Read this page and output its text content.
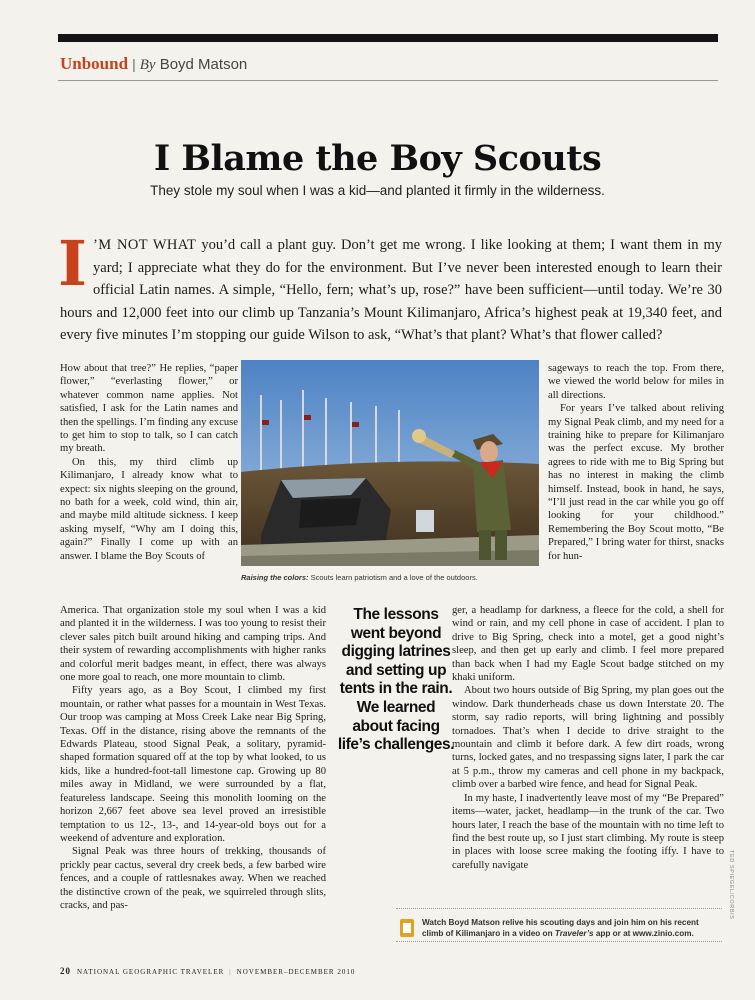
Unbound | By Boyd Matson
I Blame the Boy Scouts
They stole my soul when I was a kid—and planted it firmly in the wilderness.
I ’M NOT WHAT you’d call a plant guy. Don’t get me wrong. I like looking at them; I want them in my yard; I appreciate what they do for the environment. But I’ve never been interested enough to learn their official Latin names. A simple, “Hello, fern; what’s up, rose?” have been sufficient—until today. We’re 30 hours and 12,000 feet into our climb up Tanzania’s Mount Kilimanjaro, Africa’s highest peak at 19,340 feet, and every five minutes I’m stopping our guide Wilson to ask, “What’s that plant? What’s that flower called?

How about that tree?” He replies, “paper flower,” “everlasting flower,” or whatever common name applies. Not satisfied, I ask for the Latin names and then the spellings. I’m finding any excuse to get him to stop to talk, so I can catch my breath.

On this, my third climb up Kilimanjaro, I already know what to expect: six nights sleeping on the ground, no bath for a week, cold wind, thin air, and maybe mild altitude sickness. I keep asking myself, “Why am I doing this, again?” Finally I come up with an answer. I blame the Boy Scouts of

Raising the colors: Scouts learn patriotism and a love of the outdoors.

sageways to reach the top. From there, we viewed the world below for miles in all directions.

For years I’ve talked about reliving my Signal Peak climb, and my need for a training hike to prepare for Kilimanjaro was the perfect excuse. My brother agrees to ride with me to Big Spring but has no interest in making the climb himself. Instead, book in hand, he says, “I’ll just read in the car while you go off looking for your childhood.” Remembering the Boy Scout motto, “Be Prepared,” I bring water for thirst, snacks for hun-

America. That organization stole my soul when I was a kid and planted it in the wilderness. I was too young to resist their clever sales pitch built around hiking and camping trips. And their system of rewarding accomplishments with higher ranks and colorful merit badges meant, in effect, there was always one more goal to reach, one more mountain to climb.

Fifty years ago, as a Boy Scout, I climbed my first mountain, or rather what passes for a mountain in West Texas. Our troop was camping at Moss Creek Lake near Big Spring, Texas. Off in the distance, rising above the remnants of the Edwards Plateau, stood Signal Peak, a solitary, pyramid-shaped formation squared off at the top by what looked, to us kids, like a hundred-foot-tall limestone cap. Growing up 80 miles away in Midland, we were surrounded by a flat, featureless landscape. Seeing this monolith looming on the horizon 2,667 feet above sea level proved an irresistible temptation to us 12-, 13-, and 14-year-old boys out for a weekend of adventure and exploration.

Signal Peak was three hours of trekking, thousands of prickly pear cactus, several dry creek beds, a few barbed wire fences, and a couple of rattlesnakes away. When we reached the distinctive crown of the peak, we squirreled through slits, cracks, and pas-

ger, a headlamp for darkness, a fleece for the cold, a shell for wind or rain, and my cell phone in case of accident. I plan to drive to Big Spring, check into a motel, get a good night’s sleep, and then get up early and climb. I feel more prepared than back when I had my Eagle Scout badge stitched on my khaki uniform.

About two hours outside of Big Spring, my plan goes out the window. Dark thunderheads chase us down Interstate 20. The storm, say radio reports, will bring lightning and possibly tornadoes. That’s when I decide to drive straight to the mountain and climb it before dark. A few dirt roads, wrong turns, locked gates, and no trespassing signs later, I park the car at 5 p.m., throw my cameras and cell phone in my backpack, climb over a barbed wire fence, and head for Signal Peak.

In my haste, I inadvertently leave most of my “Be Prepared” items—water, jacket, headlamp—in the trunk of the car. Two hours later, I reach the base of the mountain with no time left to find the best route up, so I just start climbing. My route is steep in places with loose scree making the footing iffy. I have to carefully navigate

The lessons went beyond digging latrines and setting up tents in the rain. We learned about facing life’s challenges.
Watch Boyd Matson relive his scouting days and join him on his recent climb of Kilimanjaro in a video on Traveler’s app or at www.zinio.com.
TED SPIEGEL/CORBIS
20 NATIONAL GEOGRAPHIC TRAVELER | NOVEMBER–DECEMBER 2010
